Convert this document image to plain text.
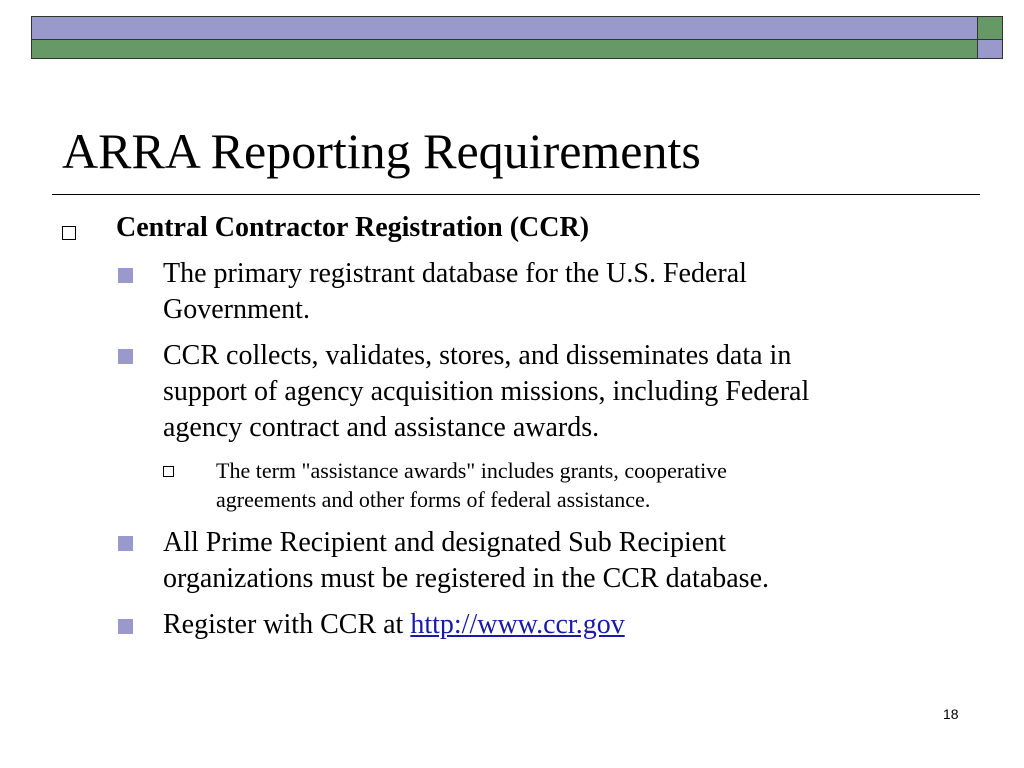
ARRA Reporting Requirements
Central Contractor Registration (CCR)

The primary registrant database for the U.S. Federal

Government.

CCR collects, validates, stores, and disseminates data in

support of agency acquisition missions, including Federal

agency contract and assistance awards.

The term "assistance awards" includes grants, cooperative

agreements and other forms of federal assistance.

All Prime Recipient and designated Sub Recipient

organizations must be registered in the CCR database.

Register with CCR at http://www.ccr.gov

18
